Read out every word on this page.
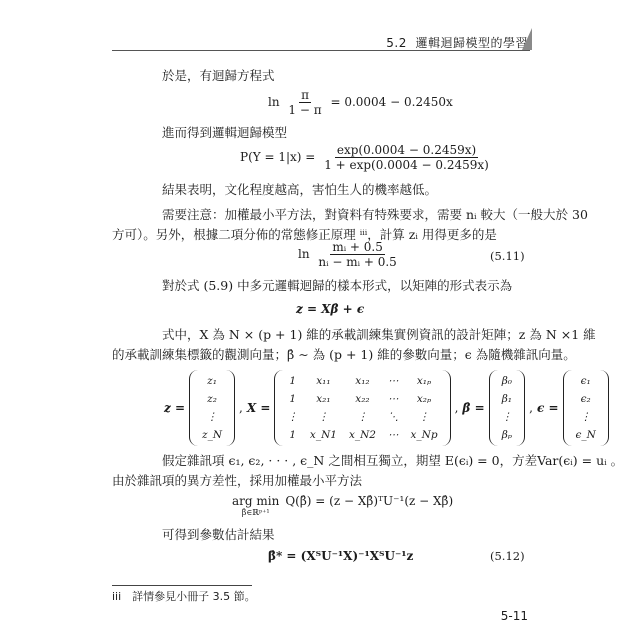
5.2 邏輯迴歸模型的學習
於是，有迴歸方程式
$\ln \frac{\pi}{1 - \pi} = 0.0004 - 0.2450x$
進而得到邏輯迴歸模型
$P(Y = 1|x) = \frac{\exp(0.0004 - 0.2459x)}{1 + \exp(0.0004 - 0.2459x)}$
結果表明，文化程度越高，害怕生人的機率越低。
需要注意：加權最小平方法，對資料有特殊要求，需要 nᵢ 較大（一般大於 30
方可）。另外，根據二項分佈的常態修正原理 ⁱⁱⁱ，計算 zᵢ 用得更多的是
$\ln \frac{\text{mᵢ + 0.5}}{\text{nᵢ − mᵢ + 0.5}}$	(5.11)
對於式 (5.9) 中多元邏輯迴歸的樣本形式，以矩陣的形式表示為
z = Xβ̂ + ϵ
式中，X 為 N × (p + 1) 維的承載訓練集實例資訊的設計矩陣；z 為 N ×1 維
的承載訓練集標籤的觀測向量；β̂ ∼ 為 (p + 1) 維的參數向量；ϵ 為隨機雜訊向量。
z =
z₁
z₂
⋮
z_N
, X =
1	x₁₁	x₁₂	⋯	x₁ₚ
1	x₂₁	x₂₂	⋯	x₂ₚ
⋮	⋮	⋮	⋱	⋮
1	x_N1	x_N2	⋯	x_Np
, β̂ =
β₀
β₁
⋮
βₚ
, ϵ =
ϵ₁
ϵ₂
⋮
ϵ_N
假定雜訊項 ϵ₁, ϵ₂, · · · , ϵ_N 之間相互獨立，期望 E(ϵᵢ) = 0，方差Var(ϵᵢ) = uᵢ 。
由於雜訊項的異方差性，採用加權最小平方法
arg min
β̂∈ℝᵖ⁺¹
Q(β̂) = (z − Xβ̂)ᵀU⁻¹(z − Xβ̂)
可得到參數估計結果
β̂* = (XᵀU⁻¹X)⁻¹XᵀU⁻¹z	(5.12)
iii　詳情參見小冊子 3.5 節。
5-11
